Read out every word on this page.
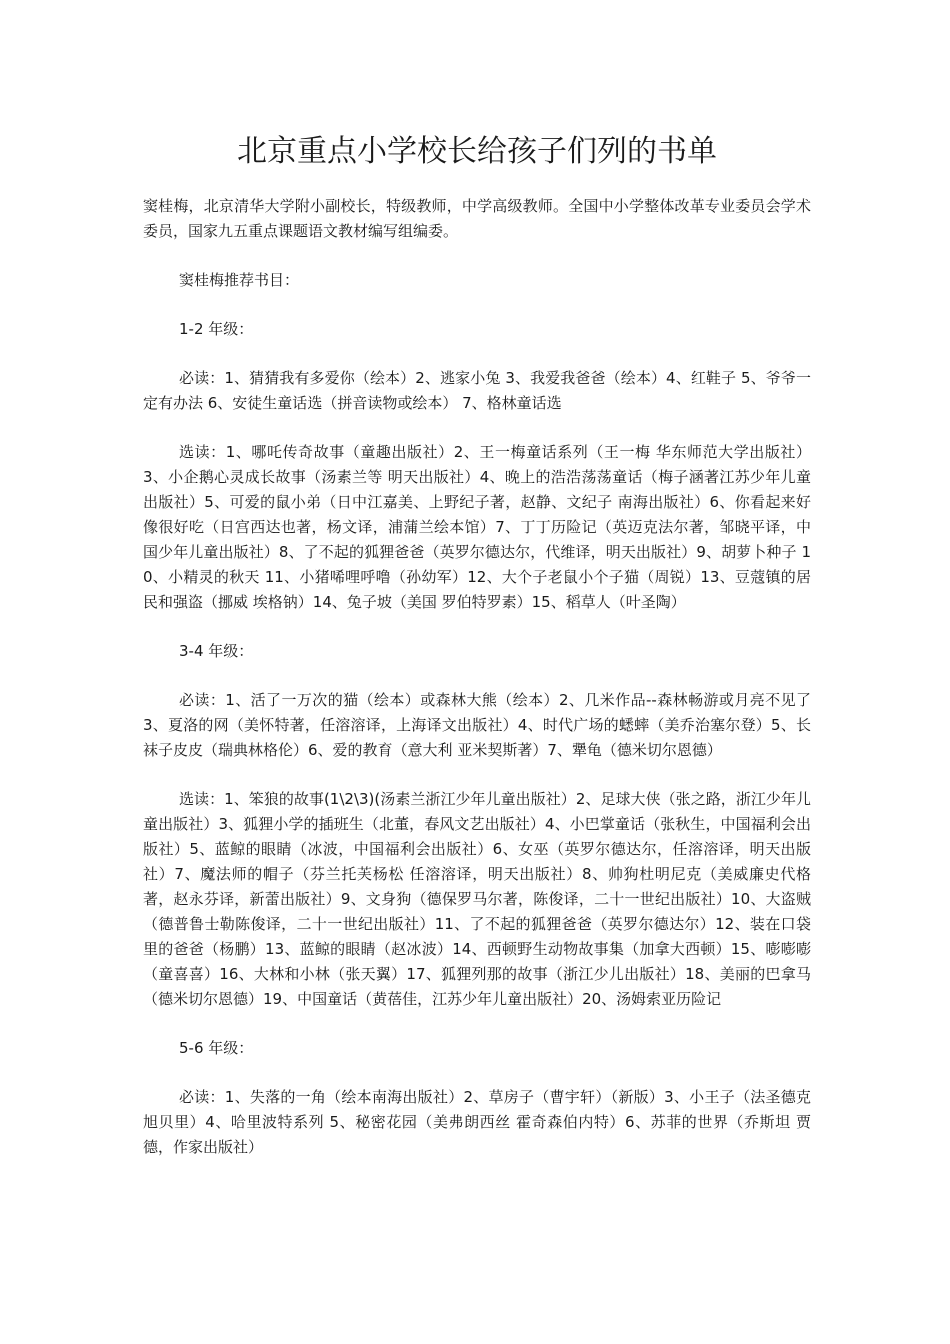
北京重点小学校长给孩子们列的书单

窦桂梅，北京清华大学附小副校长，特级教师，中学高级教师。全国中小学整体改革专业委员会学术委员，国家九五重点课题语文教材编写组编委。

窦桂梅推荐书目：

1-2 年级：

必读：1、猜猜我有多爱你（绘本）2、逃家小兔 3、我爱我爸爸（绘本）4、红鞋子 5、爷爷一定有办法 6、安徒生童话选（拼音读物或绘本） 7、格林童话选

选读：1、哪吒传奇故事（童趣出版社）2、王一梅童话系列（王一梅 华东师范大学出版社）3、小企鹅心灵成长故事（汤素兰等 明天出版社）4、晚上的浩浩荡荡童话（梅子涵著江苏少年儿童出版社）5、可爱的鼠小弟（日中江嘉美、上野纪子著，赵静、文纪子 南海出版社）6、你看起来好像很好吃（日宫西达也著，杨文译，浦蒲兰绘本馆）7、丁丁历险记（英迈克法尔著，邹晓平译，中国少年儿童出版社）8、了不起的狐狸爸爸（英罗尔德达尔，代维译，明天出版社）9、胡萝卜种子 10、小精灵的秋天 11、小猪唏哩呼噜（孙幼军）12、大个子老鼠小个子猫（周锐）13、豆蔻镇的居民和强盗（挪威 埃格钠）14、兔子坡（美国 罗伯特罗素）15、稻草人（叶圣陶）

3-4 年级：

必读：1、活了一万次的猫（绘本）或森林大熊（绘本）2、几米作品--森林畅游或月亮不见了 3、夏洛的网（美怀特著，任溶溶译，上海译文出版社）4、时代广场的蟋蟀（美乔治塞尔登）5、长袜子皮皮（瑞典林格伦）6、爱的教育（意大利 亚米契斯著）7、犟龟（德米切尔恩德）

选读：1、笨狼的故事(1\2\3)(汤素兰浙江少年儿童出版社）2、足球大侠（张之路，浙江少年儿童出版社）3、狐狸小学的插班生（北董，春风文艺出版社）4、小巴掌童话（张秋生，中国福利会出版社）5、蓝鲸的眼睛（冰波，中国福利会出版社）6、女巫（英罗尔德达尔，任溶溶译，明天出版社）7、魔法师的帽子（芬兰托芙杨松 任溶溶译，明天出版社）8、帅狗杜明尼克（美威廉史代格著，赵永芬译，新蕾出版社）9、文身狗（德保罗马尔著，陈俊译，二十一世纪出版社）10、大盗贼（德普鲁士勒陈俊译，二十一世纪出版社）11、了不起的狐狸爸爸（英罗尔德达尔）12、装在口袋里的爸爸（杨鹏）13、蓝鲸的眼睛（赵冰波）14、西顿野生动物故事集（加拿大西顿）15、嘭嘭嘭（童喜喜）16、大林和小林（张天翼）17、狐狸列那的故事（浙江少儿出版社）18、美丽的巴拿马（德米切尔恩德）19、中国童话（黄蓓佳，江苏少年儿童出版社）20、汤姆索亚历险记

5-6 年级：

必读：1、失落的一角（绘本南海出版社）2、草房子（曹宇轩）（新版）3、小王子（法圣德克旭贝里）4、哈里波特系列 5、秘密花园（美弗朗西丝 霍奇森伯内特）6、苏菲的世界（乔斯坦 贾德，作家出版社）
